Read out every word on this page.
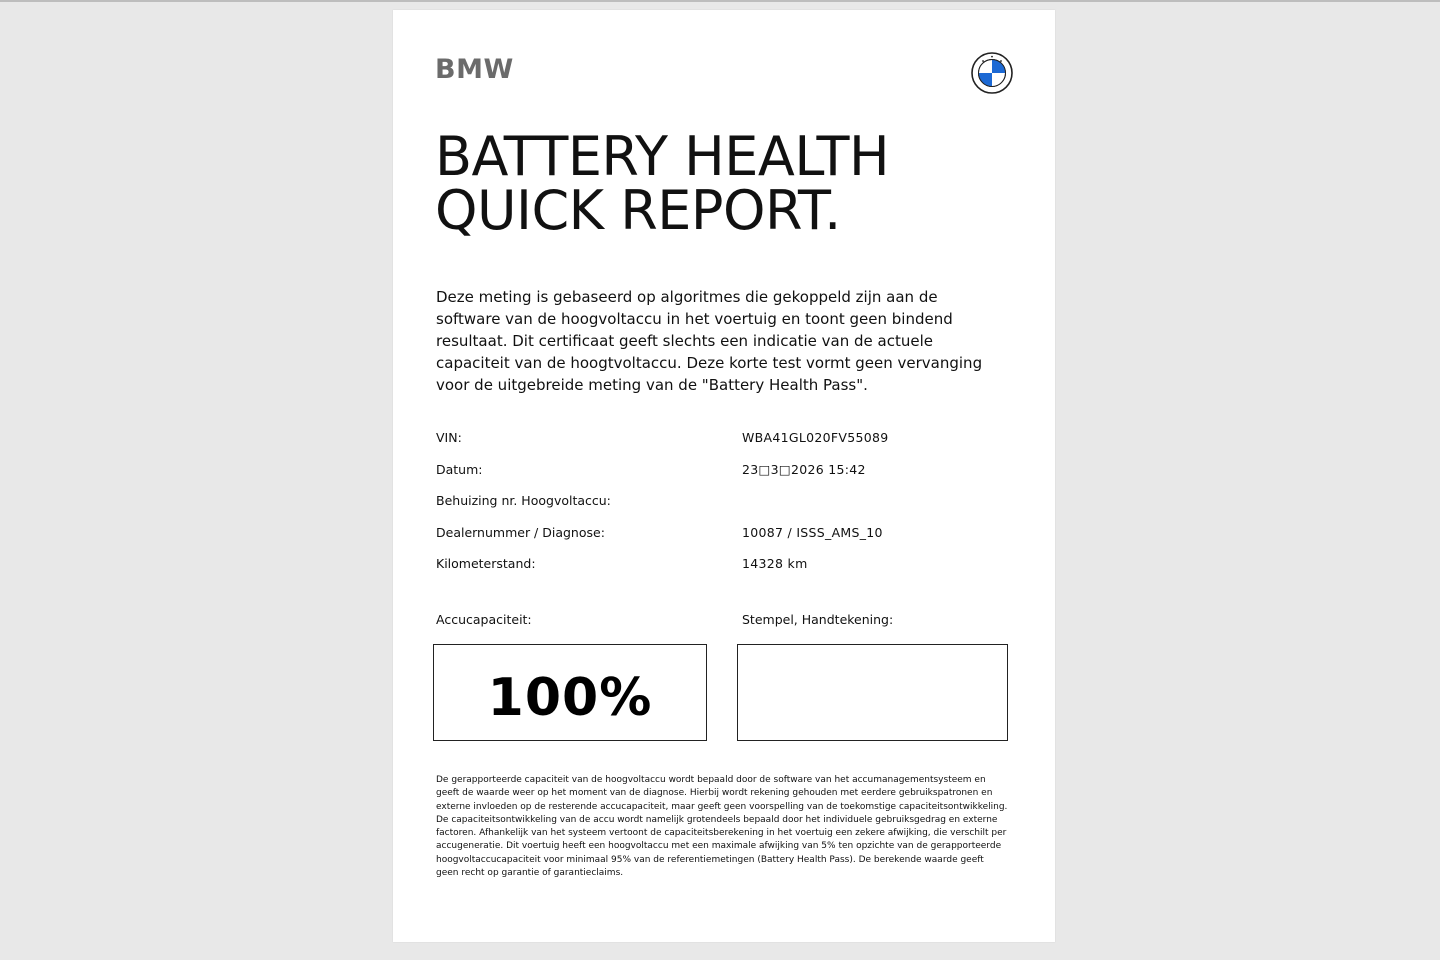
BMW
BATTERY HEALTH
QUICK REPORT.

Deze meting is gebaseerd op algoritmes die gekoppeld zijn aan de software van de hoogvoltaccu in het voertuig en toont geen bindend resultaat. Dit certificaat geeft slechts een indicatie van de actuele capaciteit van de hoogtvoltaccu. Deze korte test vormt geen vervanging voor de uitgebreide meting van de "Battery Health Pass".

VIN:	WBA41GL020FV55089
Datum:	23□3□2026 15:42
Behuizing nr. Hoogvoltaccu:
Dealernummer / Diagnose:	10087 / ISSS_AMS_10
Kilometerstand:	14328 km
Accucapaciteit:	Stempel, Handtekening:
100%

De gerapporteerde capaciteit van de hoogvoltaccu wordt bepaald door de software van het accumanagementsysteem en geeft de waarde weer op het moment van de diagnose. Hierbij wordt rekening gehouden met eerdere gebruikspatronen en externe invloeden op de resterende accucapaciteit, maar geeft geen voorspelling van de toekomstige capaciteitsontwikkeling. De capaciteitsontwikkeling van de accu wordt namelijk grotendeels bepaald door het individuele gebruiksgedrag en externe factoren. Afhankelijk van het systeem vertoont de capaciteitsberekening in het voertuig een zekere afwijking, die verschilt per accugeneratie. Dit voertuig heeft een hoogvoltaccu met een maximale afwijking van 5% ten opzichte van de gerapporteerde hoogvoltaccucapaciteit voor minimaal 95% van de referentiemetingen (Battery Health Pass). De berekende waarde geeft geen recht op garantie of garantieclaims.
